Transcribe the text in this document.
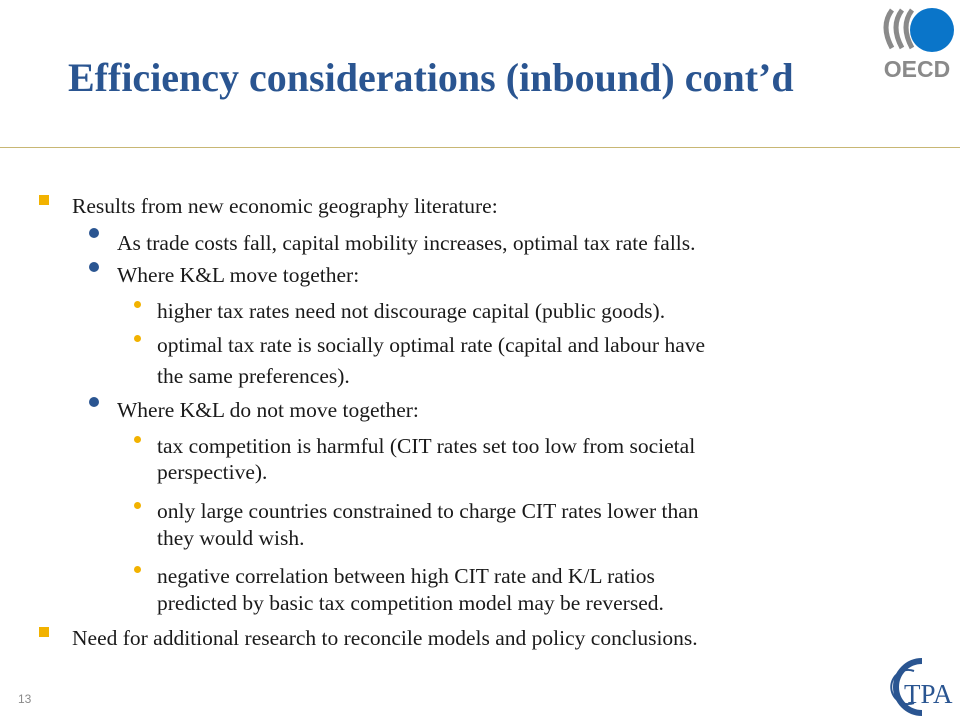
Efficiency considerations (inbound) cont’d	OECD
Results from new economic geography literature:
As trade costs fall, capital mobility increases, optimal tax rate falls.
Where K&L move together:
higher tax rates need not discourage capital (public goods).
optimal tax rate is socially optimal rate (capital and labour have
the same preferences).
Where K&L do not move together:
tax competition is harmful (CIT rates set too low from societal
perspective).
only large countries constrained to charge CIT rates lower than
they would wish.
negative correlation between high CIT rate and K/L ratios
predicted by basic tax competition model may be reversed.
Need for additional research to reconcile models and policy conclusions.
13	TPA
